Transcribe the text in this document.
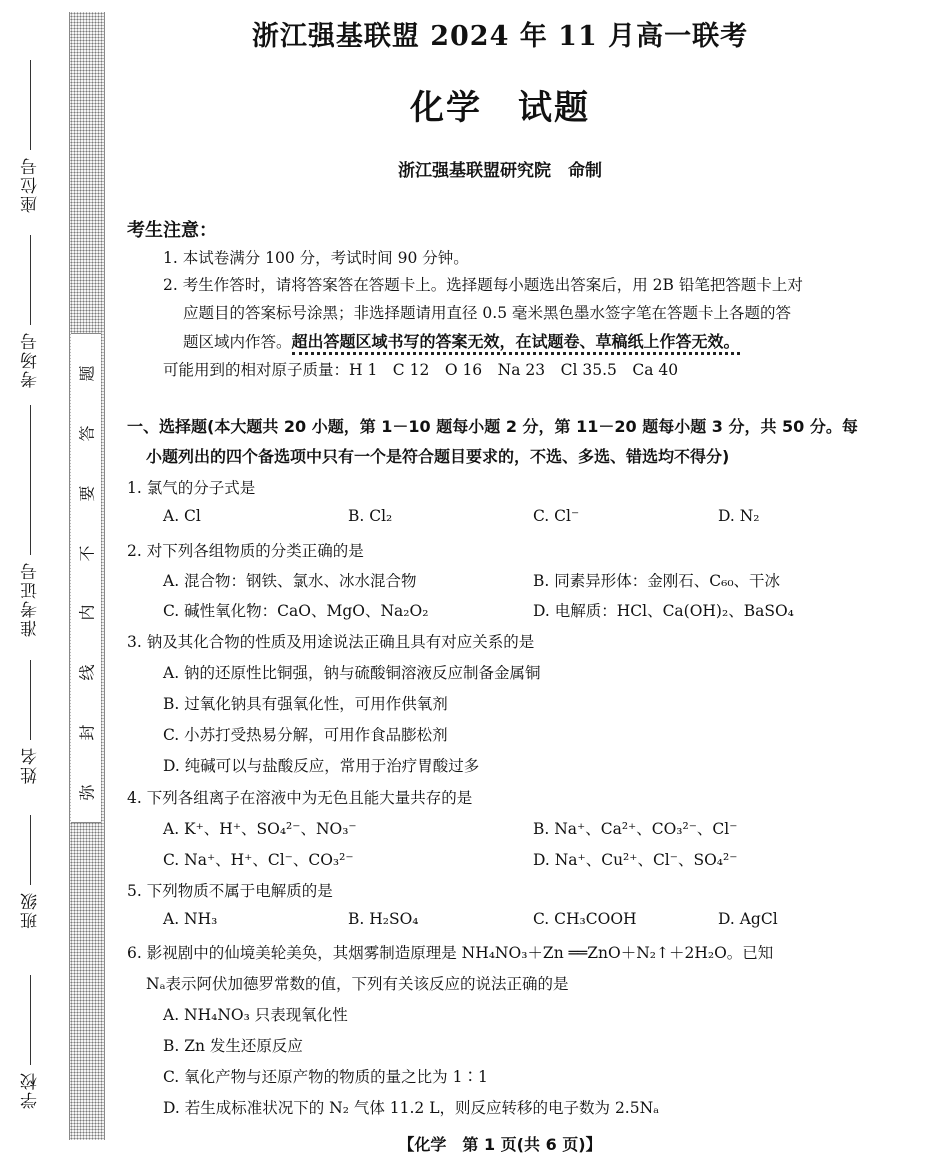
座位号
考场号
准考证号
姓名
班级
学校
题
答
要
不
内
线
封
弥
浙江强基联盟 2024 年 11 月高一联考
化学　试题
浙江强基联盟研究院　命制
考生注意：
1. 本试卷满分 100 分，考试时间 90 分钟。
2. 考生作答时，请将答案答在答题卡上。选择题每小题选出答案后，用 2B 铅笔把答题卡上对
应题目的答案标号涂黑；非选择题请用直径 0.5 毫米黑色墨水签字笔在答题卡上各题的答
题区域内作答。超出答题区域书写的答案无效，在试题卷、草稿纸上作答无效。
可能用到的相对原子质量：H 1　C 12　O 16　Na 23　Cl 35.5　Ca 40
一、选择题(本大题共 20 小题，第 1－10 题每小题 2 分，第 11－20 题每小题 3 分，共 50 分。每
小题列出的四个备选项中只有一个是符合题目要求的，不选、多选、错选均不得分)
1. 氯气的分子式是
A. Cl	B. Cl₂	C. Cl⁻	D. N₂
2. 对下列各组物质的分类正确的是
A. 混合物：钢铁、氯水、冰水混合物	B. 同素异形体：金刚石、C₆₀、干冰
C. 碱性氧化物：CaO、MgO、Na₂O₂	D. 电解质：HCl、Ca(OH)₂、BaSO₄
3. 钠及其化合物的性质及用途说法正确且具有对应关系的是
A. 钠的还原性比铜强，钠与硫酸铜溶液反应制备金属铜
B. 过氧化钠具有强氧化性，可用作供氧剂
C. 小苏打受热易分解，可用作食品膨松剂
D. 纯碱可以与盐酸反应，常用于治疗胃酸过多
4. 下列各组离子在溶液中为无色且能大量共存的是
A. K⁺、H⁺、SO₄²⁻、NO₃⁻	B. Na⁺、Ca²⁺、CO₃²⁻、Cl⁻
C. Na⁺、H⁺、Cl⁻、CO₃²⁻	D. Na⁺、Cu²⁺、Cl⁻、SO₄²⁻
5. 下列物质不属于电解质的是
A. NH₃	B. H₂SO₄	C. CH₃COOH	D. AgCl
6. 影视剧中的仙境美轮美奂，其烟雾制造原理是 NH₄NO₃＋Zn ══ZnO＋N₂↑＋2H₂O。已知
Nₐ表示阿伏加德罗常数的值，下列有关该反应的说法正确的是
A. NH₄NO₃ 只表现氧化性
B. Zn 发生还原反应
C. 氧化产物与还原产物的物质的量之比为 1∶1
D. 若生成标准状况下的 N₂ 气体 11.2 L，则反应转移的电子数为 2.5Nₐ
【化学　第 1 页(共 6 页)】
